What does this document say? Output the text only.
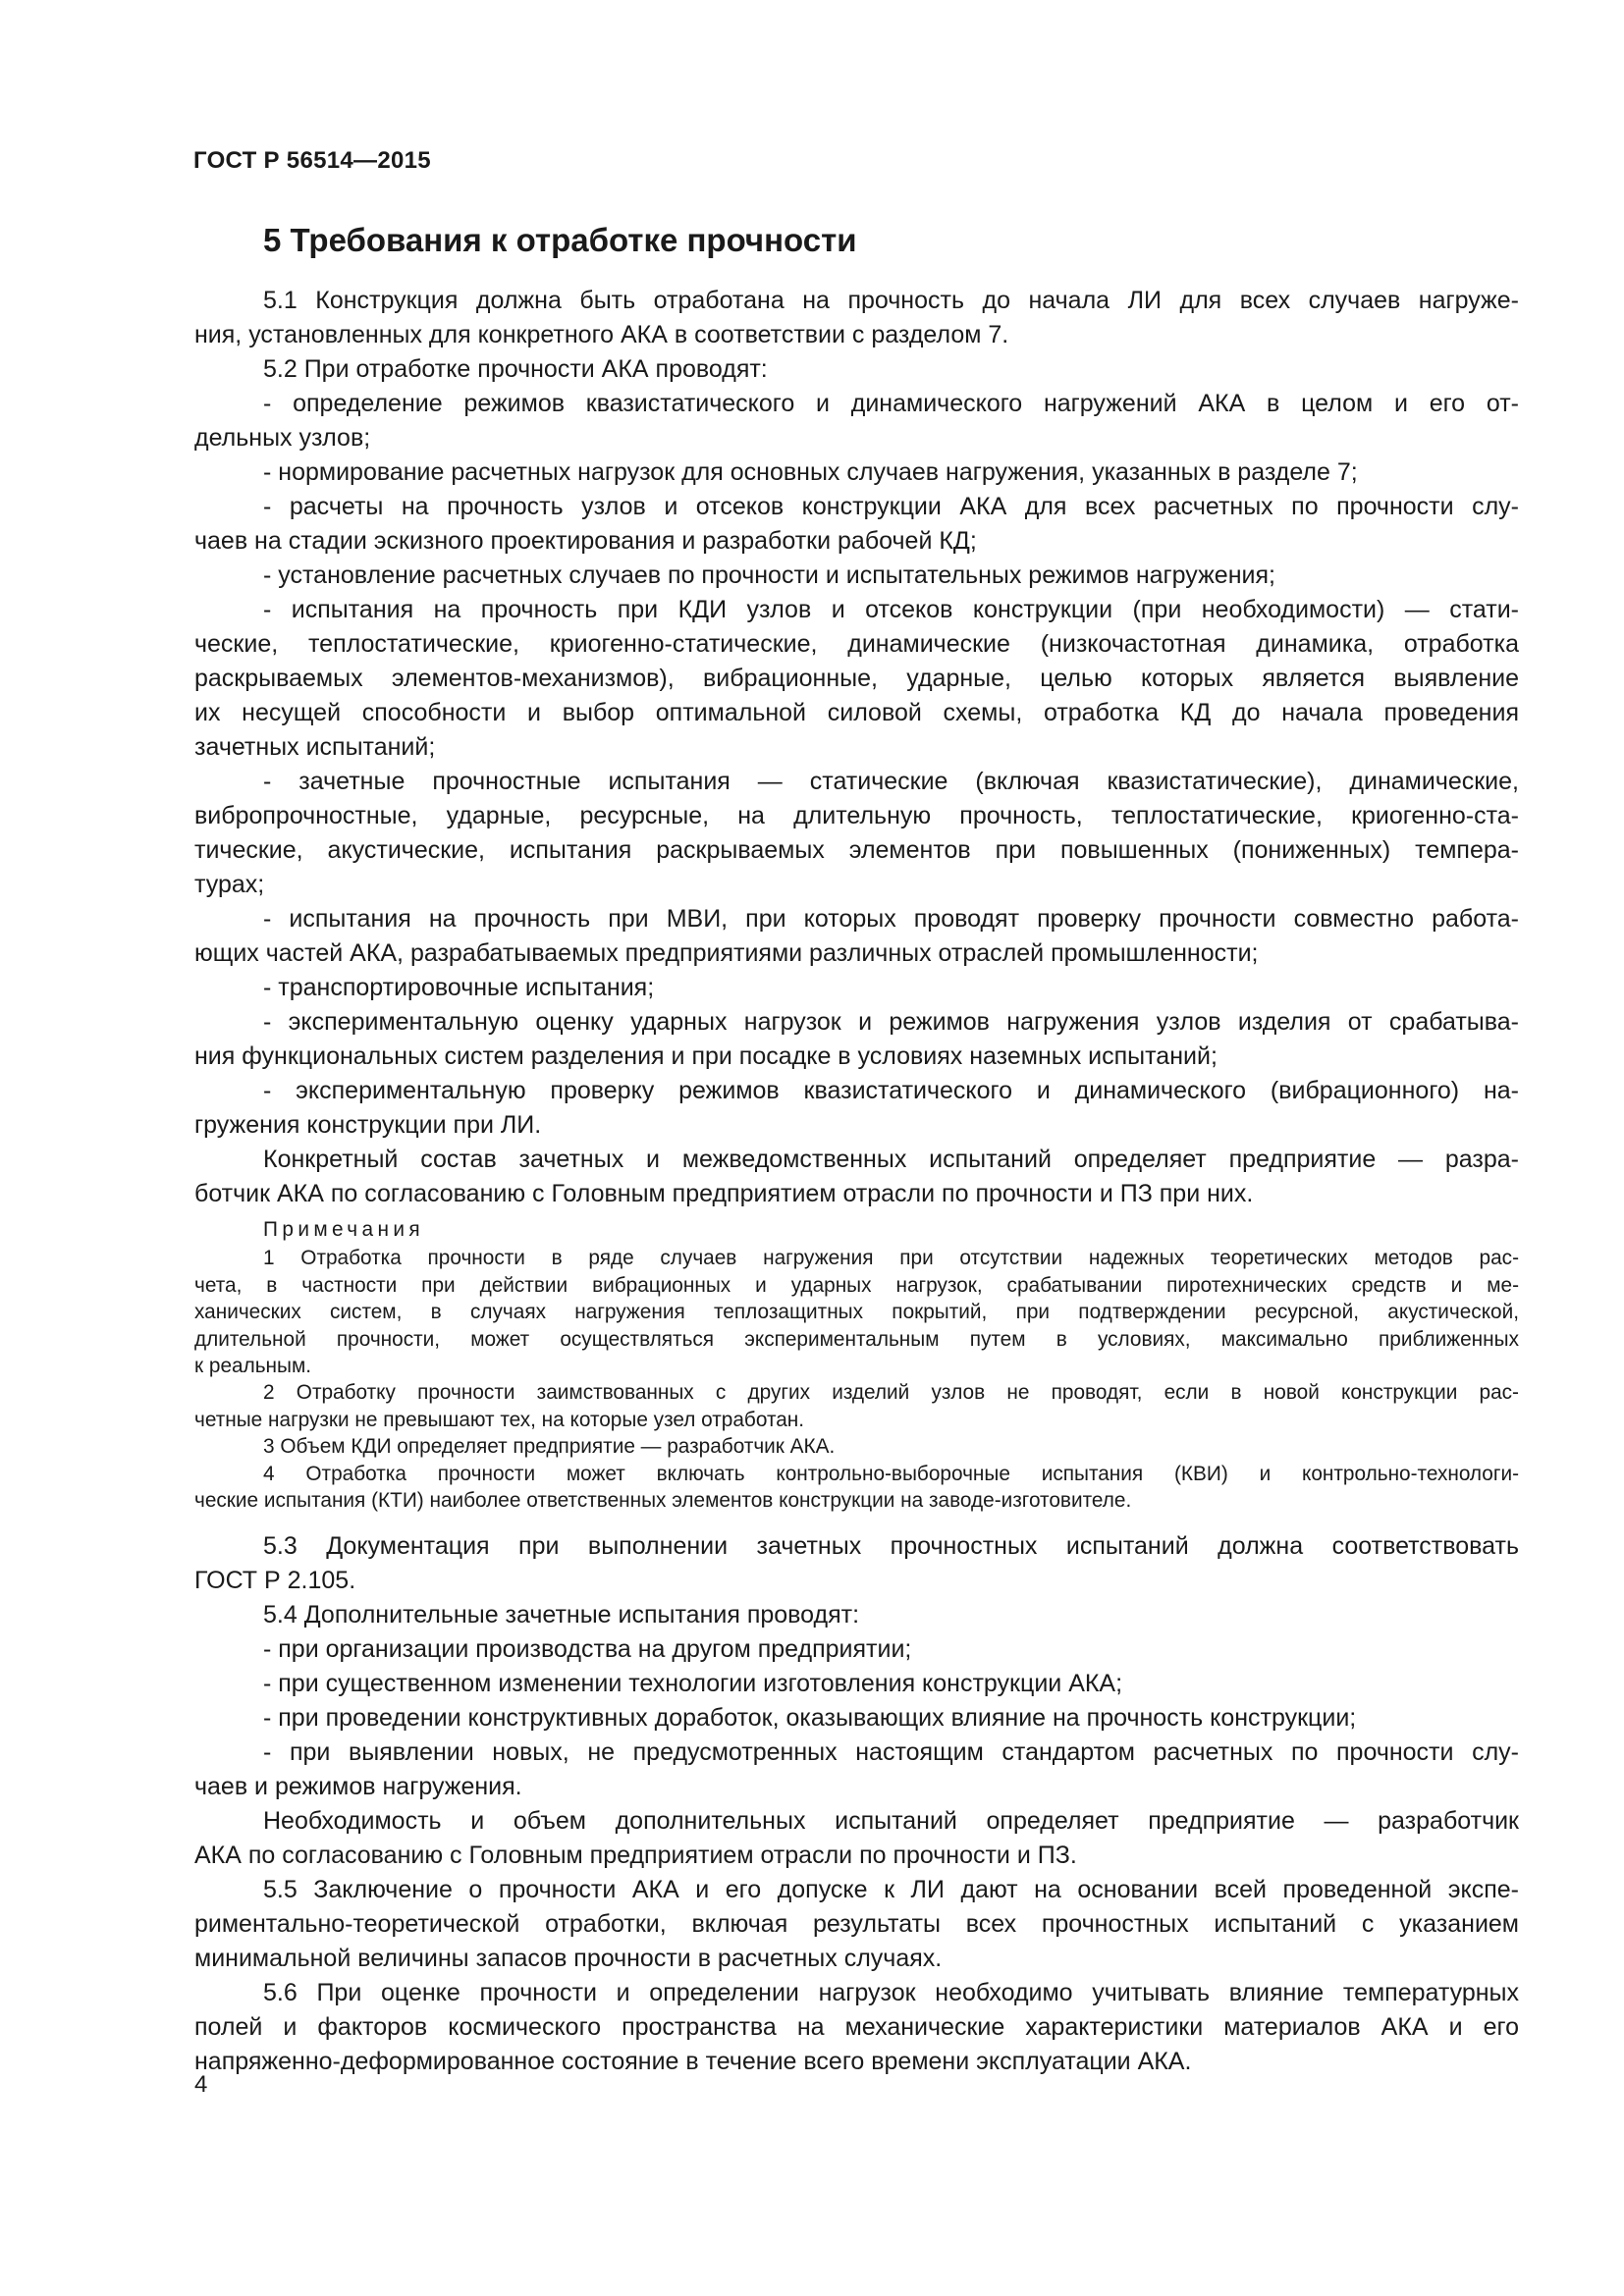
ГОСТ Р 56514—2015
5 Требования к отработке прочности
5.1 Конструкция должна быть отработана на прочность до начала ЛИ для всех случаев нагруже-
ния, установленных для конкретного АКА в соответствии с разделом 7.
5.2 При отработке прочности АКА проводят:
- определение режимов квазистатического и динамического нагружений АКА в целом и его от-
дельных узлов;
- нормирование расчетных нагрузок для основных случаев нагружения, указанных в разделе 7;
- расчеты на прочность узлов и отсеков конструкции АКА для всех расчетных по прочности слу-
чаев на стадии эскизного проектирования и разработки рабочей КД;
- установление расчетных случаев по прочности и испытательных режимов нагружения;
- испытания на прочность при КДИ узлов и отсеков конструкции (при необходимости) — стати-
ческие, теплостатические, криогенно-статические, динамические (низкочастотная динамика, отработка
раскрываемых элементов-механизмов), вибрационные, ударные, целью которых является выявление
их несущей способности и выбор оптимальной силовой схемы, отработка КД до начала проведения
зачетных испытаний;
- зачетные прочностные испытания — статические (включая квазистатические), динамические,
вибропрочностные, ударные, ресурсные, на длительную прочность, теплостатические, криогенно-ста-
тические, акустические, испытания раскрываемых элементов при повышенных (пониженных) темпера-
турах;
- испытания на прочность при МВИ, при которых проводят проверку прочности совместно работа-
ющих частей АКА, разрабатываемых предприятиями различных отраслей промышленности;
- транспортировочные испытания;
- экспериментальную оценку ударных нагрузок и режимов нагружения узлов изделия от срабатыва-
ния функциональных систем разделения и при посадке в условиях наземных испытаний;
- экспериментальную проверку режимов квазистатического и динамического (вибрационного) на-
гружения конструкции при ЛИ.
Конкретный состав зачетных и межведомственных испытаний определяет предприятие — разра-
ботчик АКА по согласованию с Головным предприятием отрасли по прочности и ПЗ при них.
Примечания
1 Отработка прочности в ряде случаев нагружения при отсутствии надежных теоретических методов рас-
чета, в частности при действии вибрационных и ударных нагрузок, срабатывании пиротехнических средств и ме-
ханических систем, в случаях нагружения теплозащитных покрытий, при подтверждении ресурсной, акустической,
длительной прочности, может осуществляться экспериментальным путем в условиях, максимально приближенных
к реальным.
2 Отработку прочности заимствованных с других изделий узлов не проводят, если в новой конструкции рас-
четные нагрузки не превышают тех, на которые узел отработан.
3 Объем КДИ определяет предприятие — разработчик АКА.
4 Отработка прочности может включать контрольно-выборочные испытания (КВИ) и контрольно-технологи-
ческие испытания (КТИ) наиболее ответственных элементов конструкции на заводе-изготовителе.
5.3 Документация при выполнении зачетных прочностных испытаний должна соответствовать
ГОСТ Р 2.105.
5.4 Дополнительные зачетные испытания проводят:
- при организации производства на другом предприятии;
- при существенном изменении технологии изготовления конструкции АКА;
- при проведении конструктивных доработок, оказывающих влияние на прочность конструкции;
- при выявлении новых, не предусмотренных настоящим стандартом расчетных по прочности слу-
чаев и режимов нагружения.
Необходимость и объем дополнительных испытаний определяет предприятие — разработчик
АКА по согласованию с Головным предприятием отрасли по прочности и ПЗ.
5.5 Заключение о прочности АКА и его допуске к ЛИ дают на основании всей проведенной экспе-
риментально-теоретической отработки, включая результаты всех прочностных испытаний с указанием
минимальной величины запасов прочности в расчетных случаях.
5.6 При оценке прочности и определении нагрузок необходимо учитывать влияние температурных
полей и факторов космического пространства на механические характеристики материалов АКА и его
напряженно-деформированное состояние в течение всего времени эксплуатации АКА.
4
